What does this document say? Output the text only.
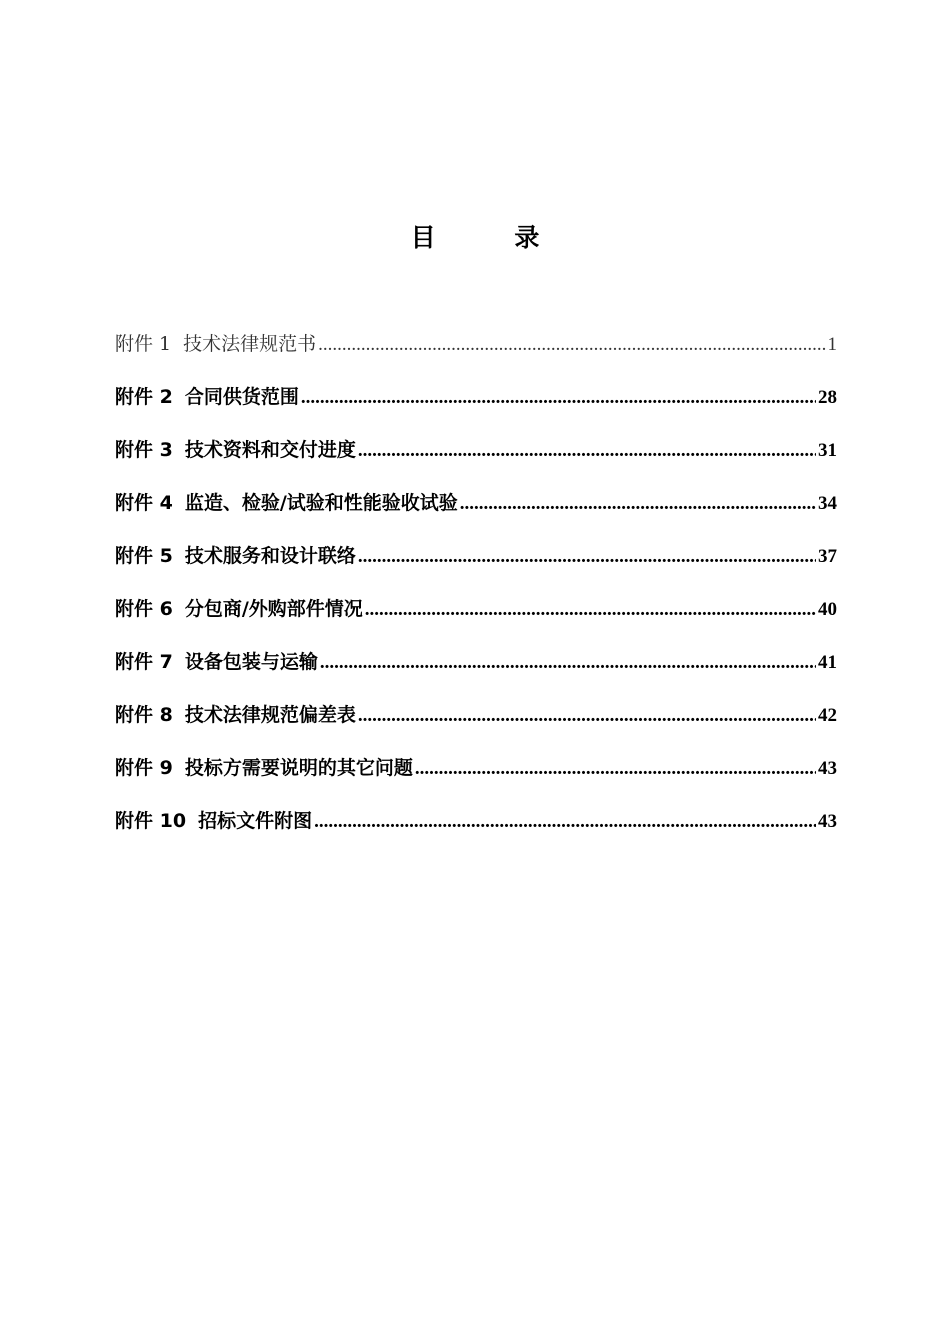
目 录
附件 1 技术法律规范书 .....	1
附件 2 合同供货范围 .....	28
附件 3 技术资料和交付进度 .....	31
附件 4 监造、检验/试验和性能验收试验 .....	34
附件 5 技术服务和设计联络 .....	37
附件 6 分包商/外购部件情况 .....	40
附件 7 设备包装与运输 .....	41
附件 8 技术法律规范偏差表 .....	42
附件 9 投标方需要说明的其它问题 .....	43
附件 10 招标文件附图 .....	43
